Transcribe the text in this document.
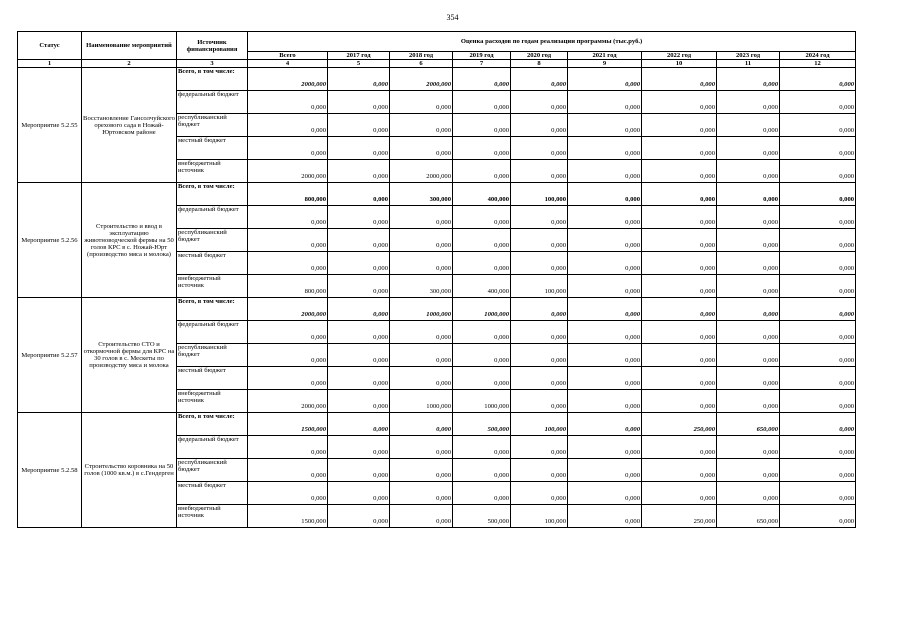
354
Статус	Наименование мероприятий	Источник финансирования	Оценка расходов по годам реализации программы (тыс.руб.)								
			Всего	2017 год	2018 год	2019 год	2020 год	2021 год	2022 год	2023 год	2024 год
1	2	3	4	5	6	7	8	9	10	11	12
Мероприятие 5.2.55	Восстановление Гансолчуйского орехового сада в Ножай-Юртовском районе	Всего, в том числе:	2000,000	0,000	2000,000	0,000	0,000	0,000	0,000	0,000	0,000
		федеральный бюджет	0,000	0,000	0,000	0,000	0,000	0,000	0,000	0,000	0,000
		республиканский бюджет	0,000	0,000	0,000	0,000	0,000	0,000	0,000	0,000	0,000
		местный бюджет	0,000	0,000	0,000	0,000	0,000	0,000	0,000	0,000	0,000
		внебюджетный источник	2000,000	0,000	2000,000	0,000	0,000	0,000	0,000	0,000	0,000
Мероприятие 5.2.56	Строительство и ввод в эксплуатацию животноводческой фермы на 50 голов КРС в с. Ножай-Юрт (производство мяса и молока)	Всего, в том числе:	800,000	0,000	300,000	400,000	100,000	0,000	0,000	0,000	0,000
		федеральный бюджет	0,000	0,000	0,000	0,000	0,000	0,000	0,000	0,000	0,000
		республиканский бюджет	0,000	0,000	0,000	0,000	0,000	0,000	0,000	0,000	0,000
		местный бюджет	0,000	0,000	0,000	0,000	0,000	0,000	0,000	0,000	0,000
		внебюджетный источник	800,000	0,000	300,000	400,000	100,000	0,000	0,000	0,000	0,000
Мероприятие 5.2.57	Строительство СТО и откормочной фермы для КРС на 30 голов в с. Мескеты по производству мяса и молока	Всего, в том числе:	2000,000	0,000	1000,000	1000,000	0,000	0,000	0,000	0,000	0,000
		федеральный бюджет	0,000	0,000	0,000	0,000	0,000	0,000	0,000	0,000	0,000
		республиканский бюджет	0,000	0,000	0,000	0,000	0,000	0,000	0,000	0,000	0,000
		местный бюджет	0,000	0,000	0,000	0,000	0,000	0,000	0,000	0,000	0,000
		внебюджетный источник	2000,000	0,000	1000,000	1000,000	0,000	0,000	0,000	0,000	0,000
Мероприятие 5.2.58	Строительство коровника на 50 голов (1000 кв.м.) в с.Гендерген	Всего, в том числе:	1500,000	0,000	0,000	500,000	100,000	0,000	250,000	650,000	0,000
		федеральный бюджет	0,000	0,000	0,000	0,000	0,000	0,000	0,000	0,000	0,000
		республиканский бюджет	0,000	0,000	0,000	0,000	0,000	0,000	0,000	0,000	0,000
		местный бюджет	0,000	0,000	0,000	0,000	0,000	0,000	0,000	0,000	0,000
		внебюджетный источник	1500,000	0,000	0,000	500,000	100,000	0,000	250,000	650,000	0,000
